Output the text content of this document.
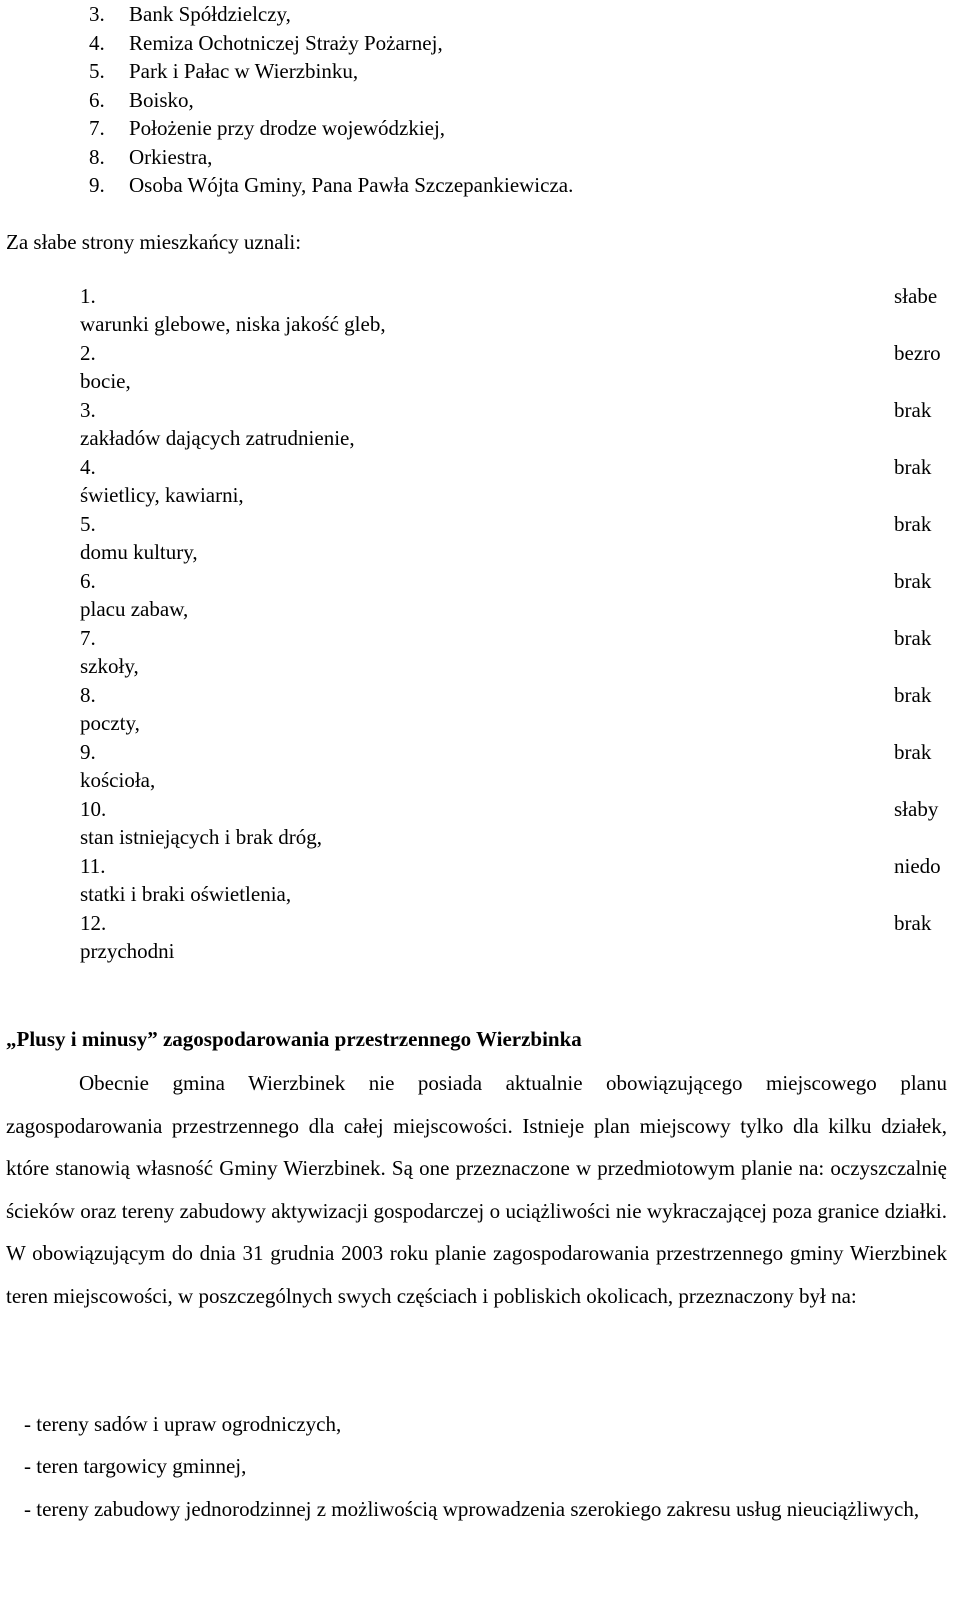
3. Bank Spółdzielczy,
4. Remiza Ochotniczej Straży Pożarnej,
5. Park i Pałac w Wierzbinku,
6. Boisko,
7. Położenie przy drodze wojewódzkiej,
8. Orkiestra,
9. Osoba Wójta Gminy, Pana Pawła Szczepankiewicza.
Za słabe strony mieszkańcy uznali:
1.	słabe
warunki glebowe, niska jakość gleb,
2.	bezro
bocie,
3.	brak
zakładów dających zatrudnienie,
4.	brak
świetlicy, kawiarni,
5.	brak
domu kultury,
6.	brak
placu zabaw,
7.	brak
szkoły,
8.	brak
poczty,
9.	brak
kościoła,
10.	słaby
stan istniejących i brak dróg,
11.	niedo
statki i braki oświetlenia,
12.	brak
przychodni
„Plusy i minusy” zagospodarowania przestrzennego Wierzbinka

Obecnie gmina Wierzbinek nie posiada aktualnie obowiązującego miejscowego planu zagospodarowania przestrzennego dla całej miejscowości. Istnieje plan miejscowy tylko dla kilku działek, które stanowią własność Gminy Wierzbinek. Są one przeznaczone w przedmiotowym planie na: oczyszczalnię ścieków oraz tereny zabudowy aktywizacji gospodarczej o uciążliwości nie wykraczającej poza granice działki. W obowiązującym do dnia 31 grudnia 2003 roku planie zagospodarowania przestrzennego gminy Wierzbinek teren miejscowości, w poszczególnych swych częściach i pobliskich okolicach, przeznaczony był na:

- tereny sadów i upraw ogrodniczych,

- teren targowicy gminnej,

- tereny zabudowy jednorodzinnej z możliwością wprowadzenia szerokiego zakresu usług nieuciążliwych,
